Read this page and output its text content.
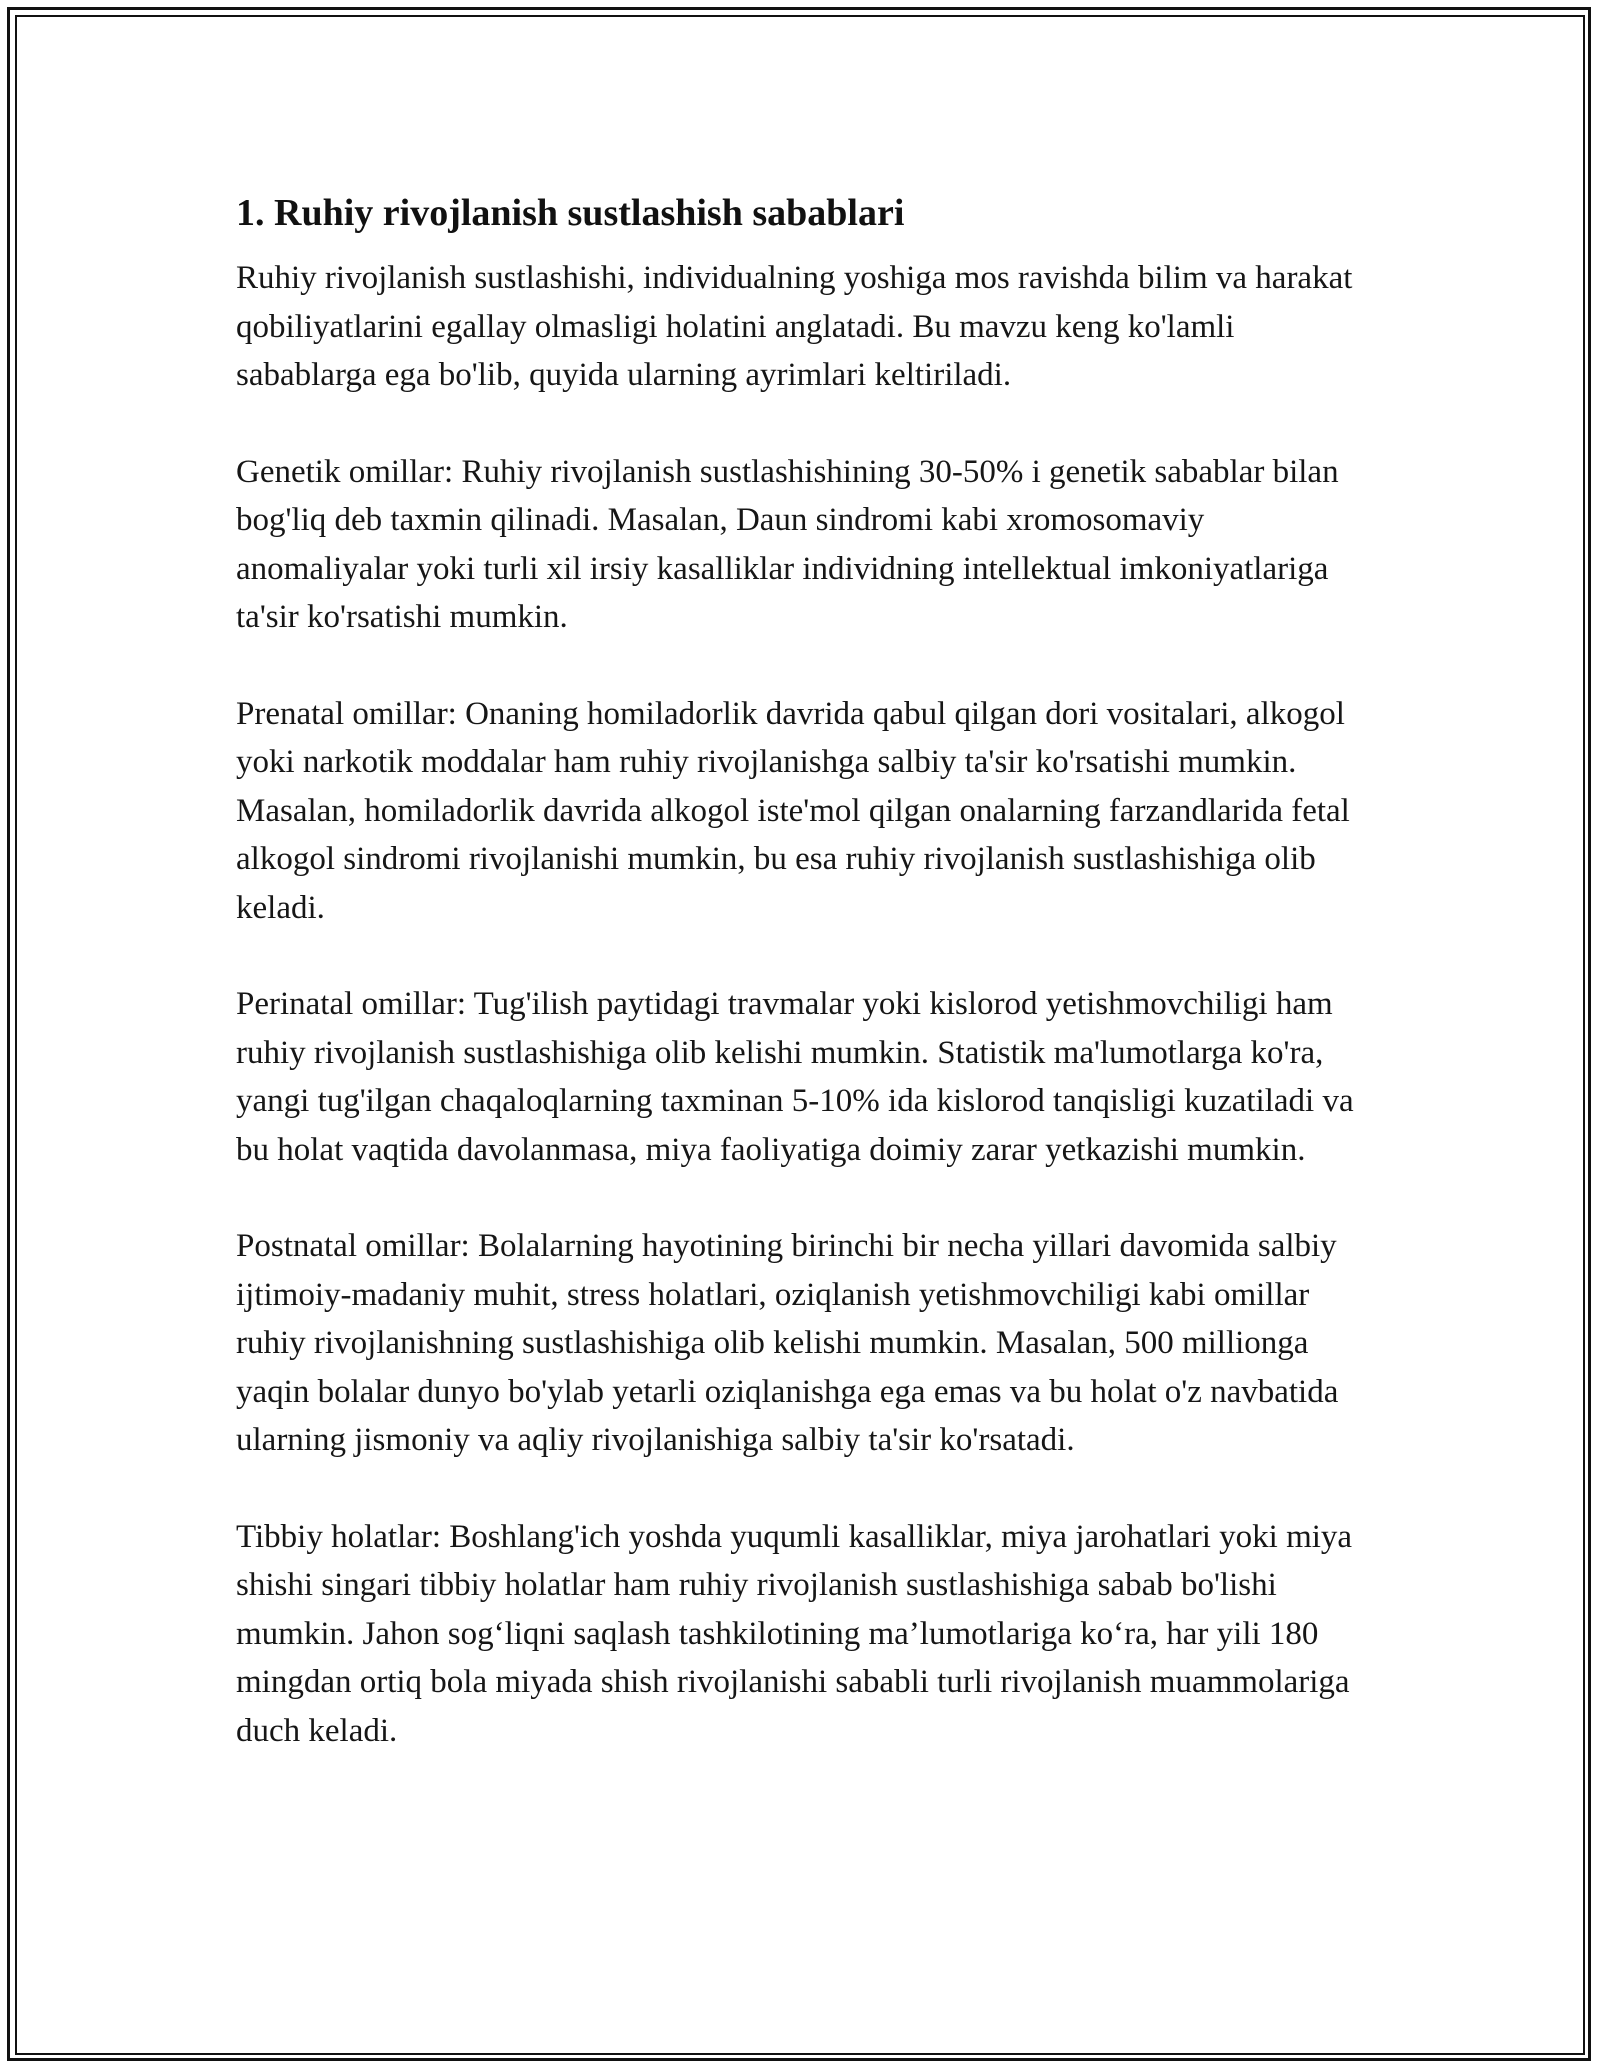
1. Ruhiy rivojlanish sustlashish sabablari

Ruhiy rivojlanish sustlashishi, individualning yoshiga mos ravishda bilim va harakat qobiliyatlarini egallay olmasligi holatini anglatadi. Bu mavzu keng ko'lamli sabablarga ega bo'lib, quyida ularning ayrimlari keltiriladi.

Genetik omillar: Ruhiy rivojlanish sustlashishining 30-50% i genetik sabablar bilan bog'liq deb taxmin qilinadi. Masalan, Daun sindromi kabi xromosomaviy anomaliyalar yoki turli xil irsiy kasalliklar individning intellektual imkoniyatlariga ta'sir ko'rsatishi mumkin.

Prenatal omillar: Onaning homiladorlik davrida qabul qilgan dori vositalari, alkogol yoki narkotik moddalar ham ruhiy rivojlanishga salbiy ta'sir ko'rsatishi mumkin. Masalan, homiladorlik davrida alkogol iste'mol qilgan onalarning farzandlarida fetal alkogol sindromi rivojlanishi mumkin, bu esa ruhiy rivojlanish sustlashishiga olib keladi.

Perinatal omillar: Tug'ilish paytidagi travmalar yoki kislorod yetishmovchiligi ham ruhiy rivojlanish sustlashishiga olib kelishi mumkin. Statistik ma'lumotlarga ko'ra, yangi tug'ilgan chaqaloqlarning taxminan 5-10% ida kislorod tanqisligi kuzatiladi va bu holat vaqtida davolanmasa, miya faoliyatiga doimiy zarar yetkazishi mumkin.

Postnatal omillar: Bolalarning hayotining birinchi bir necha yillari davomida salbiy ijtimoiy-madaniy muhit, stress holatlari, oziqlanish yetishmovchiligi kabi omillar ruhiy rivojlanishning sustlashishiga olib kelishi mumkin. Masalan, 500 millionga yaqin bolalar dunyo bo'ylab yetarli oziqlanishga ega emas va bu holat o'z navbatida ularning jismoniy va aqliy rivojlanishiga salbiy ta'sir ko'rsatadi.

Tibbiy holatlar: Boshlang'ich yoshda yuqumli kasalliklar, miya jarohatlari yoki miya shishi singari tibbiy holatlar ham ruhiy rivojlanish sustlashishiga sabab bo'lishi mumkin. Jahon sog‘liqni saqlash tashkilotining ma’lumotlariga ko‘ra, har yili 180 mingdan ortiq bola miyada shish rivojlanishi sababli turli rivojlanish muammolariga duch keladi.
